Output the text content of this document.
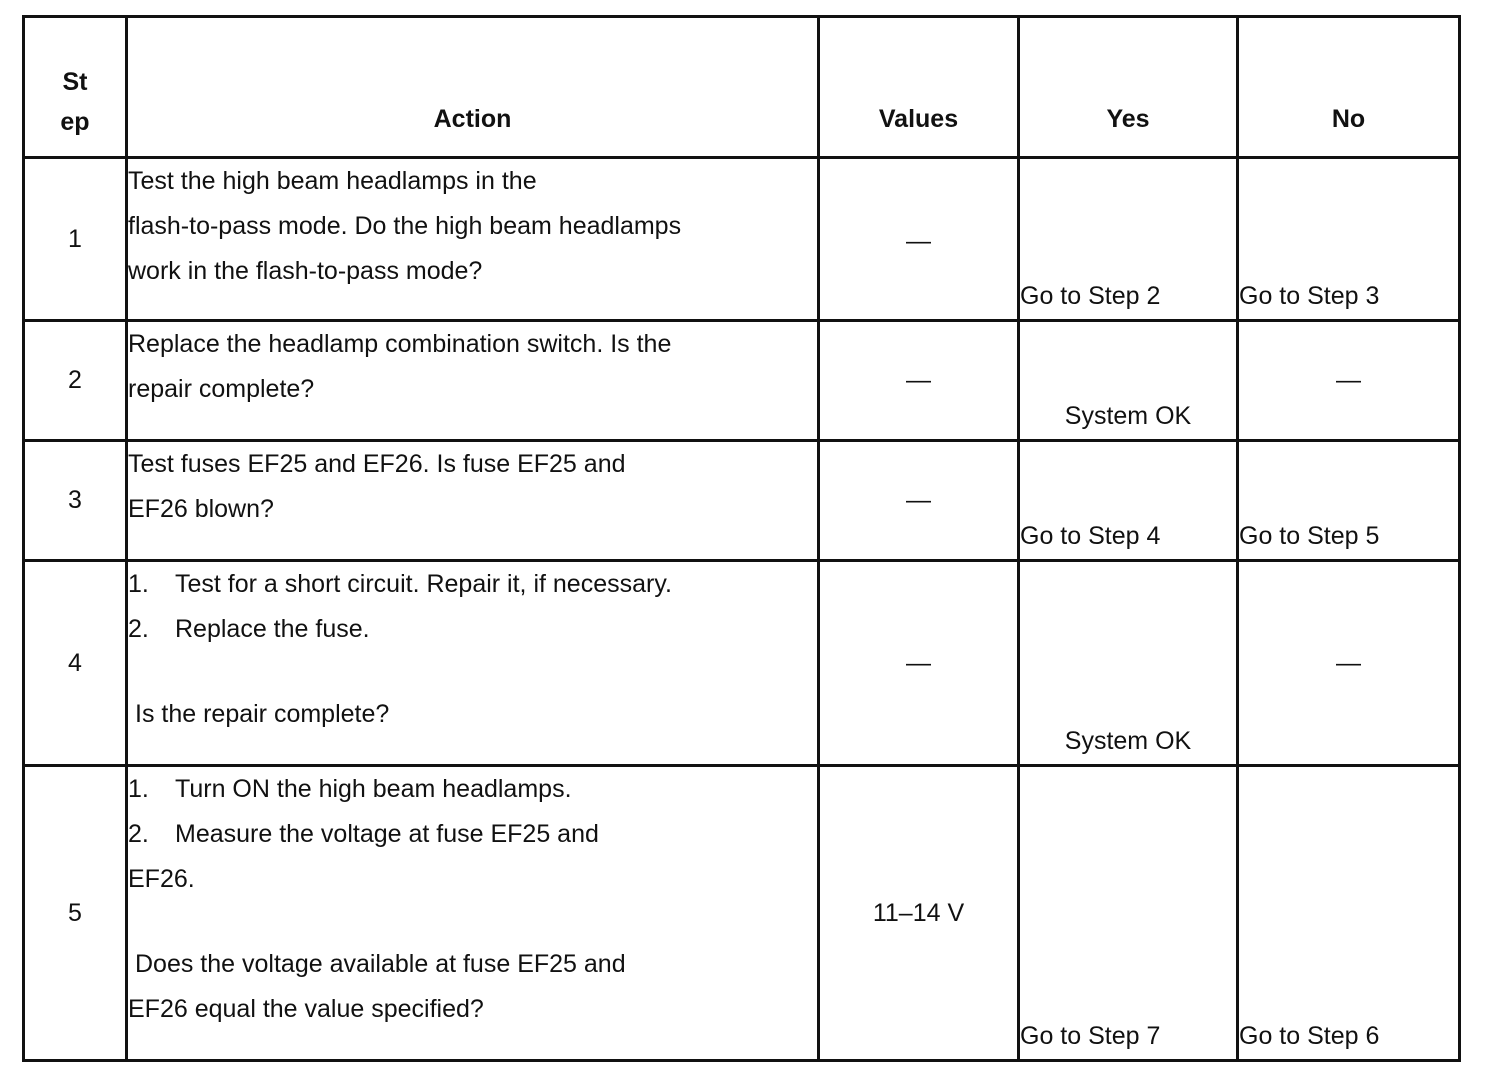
St
ep	Action	Values	Yes	No
1	Test the high beam headlamps in the
flash-to-pass mode. Do the high beam headlamps
work in the flash-to-pass mode?	—	Go to Step 2	Go to Step 3
2	Replace the headlamp combination switch. Is the
repair complete?	—	System OK	—
3	Test fuses EF25 and EF26. Is fuse EF25 and
EF26 blown?	—	Go to Step 4	Go to Step 5
4	1. Test for a short circuit. Repair it, if necessary.
2. Replace the fuse.
Is the repair complete?	—	System OK	—
5	1. Turn ON the high beam headlamps.
2. Measure the voltage at fuse EF25 and
EF26.
Does the voltage available at fuse EF25 and
EF26 equal the value specified?	11–14 V	Go to Step 7	Go to Step 6
